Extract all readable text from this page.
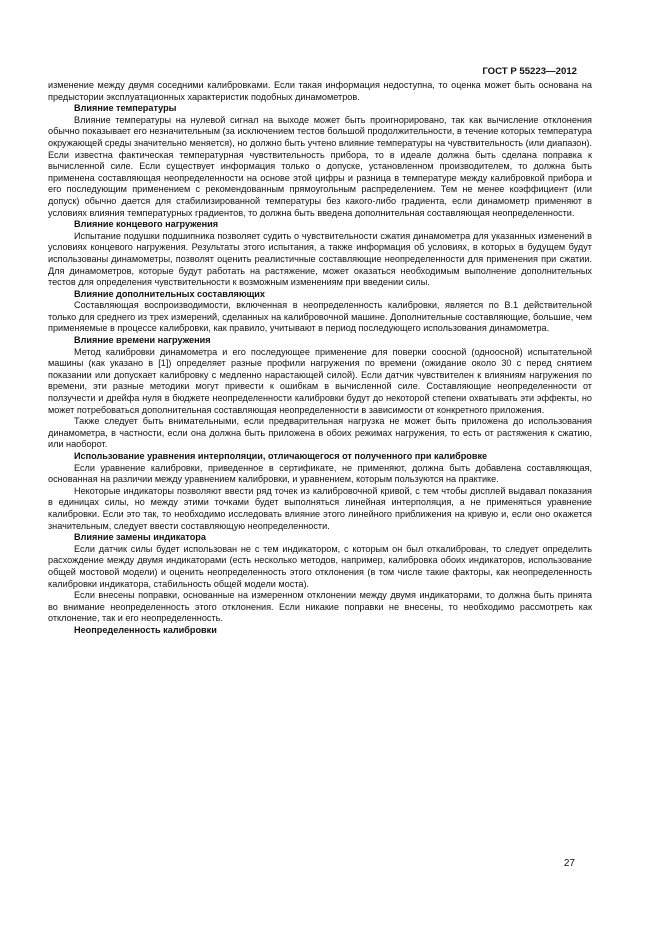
ГОСТ Р 55223—2012

изменение между двумя соседними калибровками. Если такая информация недоступна, то оценка может быть основана на предыстории эксплуатационных характеристик подобных динамометров.

Влияние температуры

Влияние температуры на нулевой сигнал на выходе может быть проигнорировано, так как вычисление отклонения обычно показывает его незначительным (за исключением тестов большой продолжительности, в течение которых температура окружающей среды значительно меняется), но должно быть учтено влияние температуры на чувствительность (или диапазон). Если известна фактическая температурная чувствительность прибора, то в идеале должна быть сделана поправка к вычисленной силе. Если существует информация только о допуске, установленном производителем, то должна быть применена составляющая неопределенности на основе этой цифры и разница в температуре между калибровкой прибора и его последующим применением с рекомендованным прямоугольным распределением. Тем не менее коэффициент (или допуск) обычно дается для стабилизированной температуры без какого-либо градиента, если динамометр применяют в условиях влияния температурных градиентов, то должна быть введена дополнительная составляющая неопределенности.

Влияние концевого нагружения

Испытание подушки подшипника позволяет судить о чувствительности сжатия динамометра для указанных изменений в условиях концевого нагружения. Результаты этого испытания, а также информация об условиях, в которых в будущем будут использованы динамометры, позволят оценить реалистичные составляющие неопределенности для применения при сжатии. Для динамометров, которые будут работать на растяжение, может оказаться необходимым выполнение дополнительных тестов для определения чувствительности к возможным изменениям при введении силы.

Влияние дополнительных составляющих

Составляющая воспроизводимости, включенная в неопределенность калибровки, является по В.1 действительной только для среднего из трех измерений, сделанных на калибровочной машине. Дополнительные составляющие, большие, чем применяемые в процессе калибровки, как правило, учитывают в период последующего использования динамометра.

Влияние времени нагружения

Метод калибровки динамометра и его последующее применение для поверки соосной (одноосной) испытательной машины (как указано в [1]) определяет разные профили нагружения по времени (ожидание около 30 с перед снятием показании или допускает калибровку с медленно нарастающей силой). Если датчик чувствителен к влияниям нагружения по времени, эти разные методики могут привести к ошибкам в вычисленной силе. Составляющие неопределенности от ползучести и дрейфа нуля в бюджете неопределенности калибровки будут до некоторой степени охватывать эти эффекты, но может потребоваться дополнительная составляющая неопределенности в зависимости от конкретного приложения.

Также следует быть внимательными, если предварительная нагрузка не может быть приложена до использования динамометра, в частности, если она должна быть приложена в обоих режимах нагружения, то есть от растяжения к сжатию, или наоборот.

Использование уравнения интерполяции, отличающегося от полученного при калибровке

Если уравнение калибровки, приведенное в сертификате, не применяют, должна быть добавлена составляющая, основанная на различии между уравнением калибровки, и уравнением, которым пользуются на практике.

Некоторые индикаторы позволяют ввести ряд точек из калибровочной кривой, с тем чтобы дисплей выдавал показания в единицах силы, но между этими точками будет выполняться линейная интерполяция, а не применяться уравнение калибровки. Если это так, то необходимо исследовать влияние этого линейного приближения на кривую и, если оно окажется значительным, следует ввести составляющую неопределенности.

Влияние замены индикатора

Если датчик силы будет использован не с тем индикатором, с которым он был откалиброван, то следует определить расхождение между двумя индикаторами (есть несколько методов, например, калибровка обоих индикаторов, использование общей мостовой модели) и оценить неопределенность этого отклонения (в том числе такие факторы, как неопределенность калибровки индикатора, стабильность общей модели моста).

Если внесены поправки, основанные на измеренном отклонении между двумя индикаторами, то должна быть принята во внимание неопределенность этого отклонения. Если никакие поправки не внесены, то необходимо рассмотреть как отклонение, так и его неопределенность.

Неопределенность калибровки
27
